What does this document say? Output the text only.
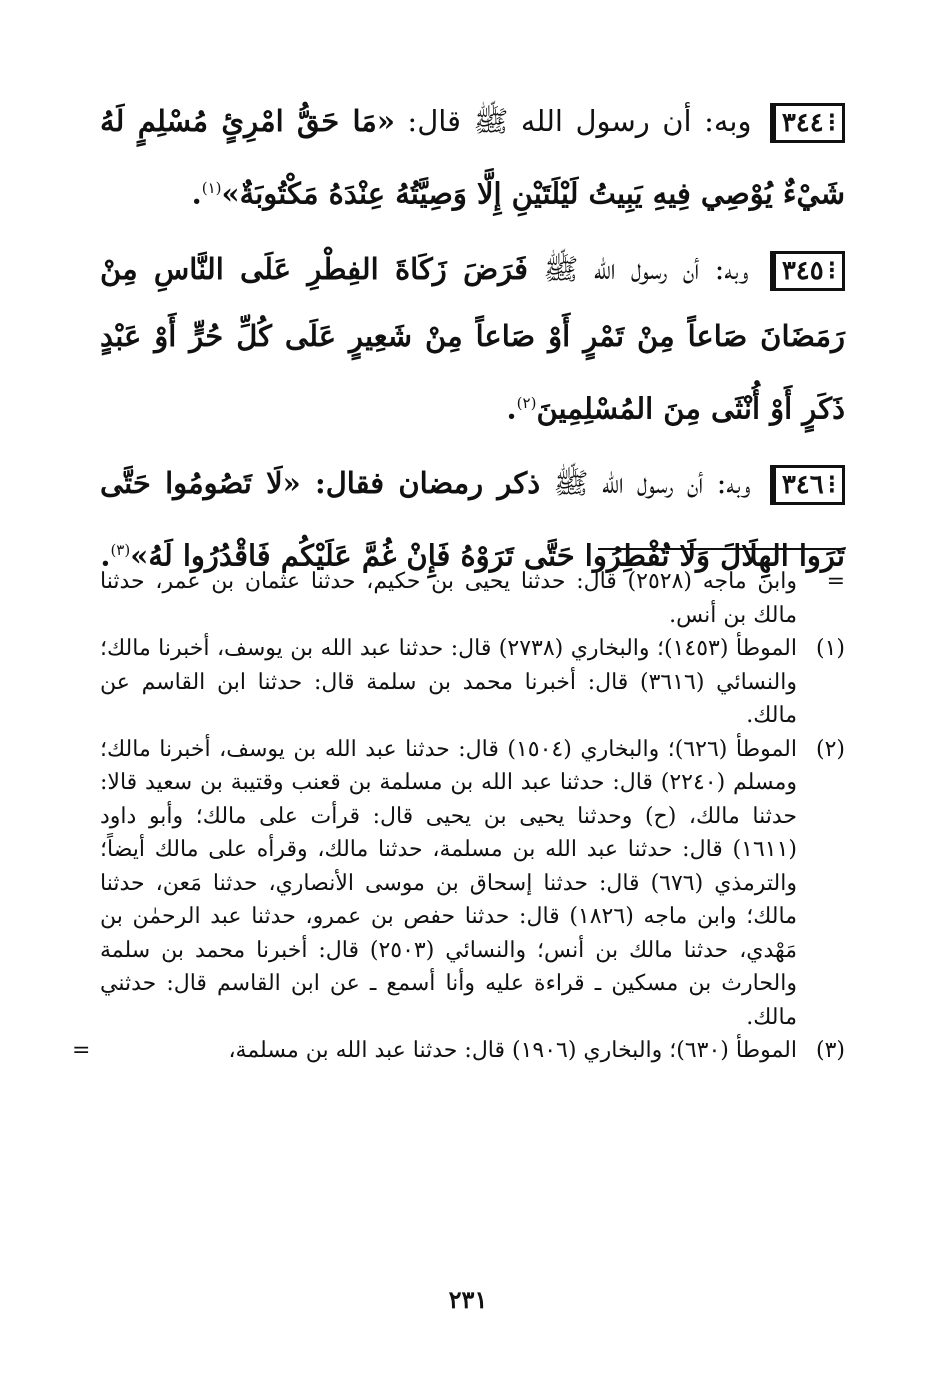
⁝ ٣٤٤ وبه: أن رسول الله ﷺ قال: «مَا حَقُّ امْرِئٍ مُسْلِمٍ لَهُ شَيْءٌ يُوْصِي فِيهِ يَبِيتُ لَيْلَتَيْنِ إِلَّا وَصِيَّتُهُ عِنْدَهُ مَكْتُوبَةٌ»$^{(١)}$.

⁝ ٣٤٥ وبه: أن رسول الله ﷺ فَرَضَ زَكَاةَ الفِطْرِ عَلَى النَّاسِ مِنْ رَمَضَانَ صَاعاً مِنْ تَمْرٍ أَوْ صَاعاً مِنْ شَعِيرٍ عَلَى كُلِّ حُرٍّ أَوْ عَبْدٍ ذَكَرٍ أَوْ أُنْثَى مِنَ المُسْلِمِينَ$^{(٢)}$.

⁝ ٣٤٦ وبه: أن رسول الله ﷺ ذكر رمضان فقال: «لَا تَصُومُوا حَتَّى تَرَوا الهِلَالَ وَلَا تُفْطِرُوا حَتَّى تَرَوْهُ فَإِنْ غُمَّ عَلَيْكُم فَاقْدُرُوا لَهُ»$^{(٣)}$.

=
وابن ماجه (٢٥٢٨) قال: حدثنا يحيى بن حكيم، حدثنا عثمان بن عمر، حدثنا مالك بن أنس.
(١)
الموطأ (١٤٥٣)؛ والبخاري (٢٧٣٨) قال: حدثنا عبد الله بن يوسف، أخبرنا مالك؛ والنسائي (٣٦١٦) قال: أخبرنا محمد بن سلمة قال: حدثنا ابن القاسم عن مالك.
(٢)
الموطأ (٦٢٦)؛ والبخاري (١٥٠٤) قال: حدثنا عبد الله بن يوسف، أخبرنا مالك؛ ومسلم (٢٢٤٠) قال: حدثنا عبد الله بن مسلمة بن قعنب وقتيبة بن سعيد قالا: حدثنا مالك، (ح) وحدثنا يحيى بن يحيى قال: قرأت على مالك؛ وأبو داود (١٦١١) قال: حدثنا عبد الله بن مسلمة، حدثنا مالك، وقرأه على مالك أيضاً؛ والترمذي (٦٧٦) قال: حدثنا إسحاق بن موسى الأنصاري، حدثنا مَعن، حدثنا مالك؛ وابن ماجه (١٨٢٦) قال: حدثنا حفص بن عمرو، حدثنا عبد الرحمٰن بن مَهْدي، حدثنا مالك بن أنس؛ والنسائي (٢٥٠٣) قال: أخبرنا محمد بن سلمة والحارث بن مسكين ـ قراءة عليه وأنا أسمع ـ عن ابن القاسم قال: حدثني مالك.
(٣)
الموطأ (٦٣٠)؛ والبخاري (١٩٠٦) قال: حدثنا عبد الله بن مسلمة،
=
٢٣١
